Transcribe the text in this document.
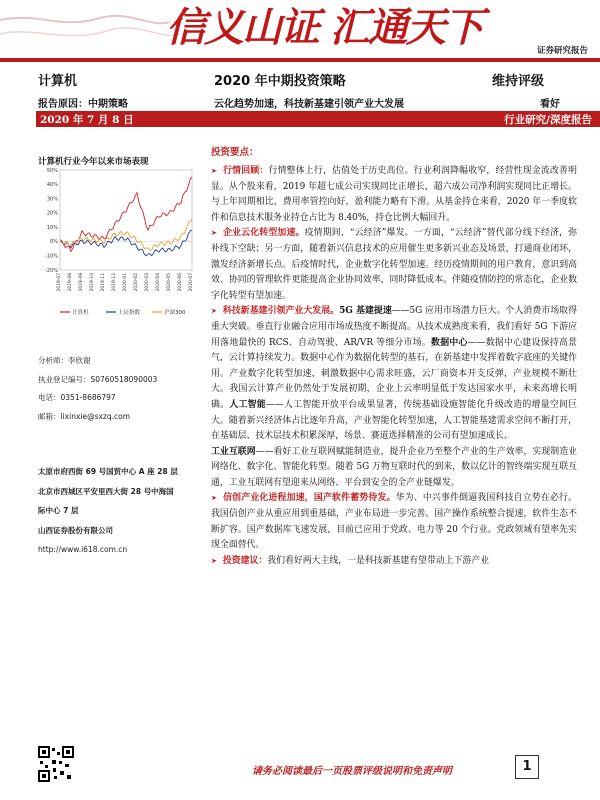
信义山证 汇通天下	证券研究报告
计算机	2020 年中期投资策略	维持评级
报告原因：中期策略	云化趋势加速，科技新基建引领产业大发展	看好
2020 年 7 月 8 日	行业研究/深度报告
计算机行业今年以来市场表现
50%
40%
30%
20%
10%
0%
-10%
-20%
2019-07 2019-08 2019-09 2019-10 2019-11 2019-12 2020-01 2020-02 2020-03 2020-04 2020-05 2020-06 2020-07
计算机	上证指数	沪深300
分析师：李欣谢
执业登记编号：S0760518090003
电话：0351-8686797
邮箱：lixinxie@sxzq.com
太原市府西街 69 号国贸中心 A 座 28 层
北京市西城区平安里西大街 28 号中海国
际中心 7 层
山西证券股份有限公司
http://www.i618.com.cn
投资要点：

➤ 行情回顾：行情整体上行，估值处于历史高位。行业利润降幅收窄，经营性现金流改善明显。从个股来看，2019 年超七成公司实现同比正增长，超六成公司净利润实现同比正增长。与上年同期相比，费用率管控向好，盈利能力略有下滑。从基金持仓来看，2020 年一季度软件和信息技术服务业持仓占比为 8.40%，持仓比例大幅回升。

➤ 企业云化转型加速。疫情期间，“云经济”爆发。一方面，“云经济”替代部分线下经济，弥补线下空缺；另一方面，随着新兴信息技术的应用催生更多新兴业态及场景，打通商业闭环，激发经济新增长点。后疫情时代，企业数字化转型加速。经历疫情期间的用户教育，意识到高效、协同的管理软件更能提高企业协同效率，同时降低成本。伴随疫情防控的常态化，企业数字化转型有望加速。

➤ 科技新基建引领产业大发展。5G 基建提速——5G 应用市场潜力巨大。个人消费市场取得重大突破。垂直行业融合应用市场成热度不断提高。从技术成熟度来看，我们看好 5G 下游应用落地最快的 RCS、自动驾驶、AR/VR 等细分市场。数据中心——数据中心建设保持高景气，云计算持续发力。数据中心作为数据化转型的基石，在新基建中发挥着数字底座的关键作用。产业数字化转型加速，刺激数据中心需求旺盛，云厂商资本开支反弹，产业规模不断壮大。我国云计算产业仍然处于发展初期，企业上云率明显低于发达国家水平，未来高增长明确。人工智能——人工智能开放平台成果显著，传统基础设施智能化升级改造的增量空间巨大。随着新兴经济体占比逐年升高，产业智能化转型加速，人工智能基建需求空间不断打开，在基础层、技术层技术积累深厚，场景、赛道选择精准的公司有望加速成长。

工业互联网——看好工业互联网赋能制造业，提升企业乃至整个产业的生产效率，实现制造业网络化、数字化、智能化转型。随着 5G 万物互联时代的到来，数以亿计的智终端实现互联互通，工业互联网有望迎来从网络、平台到安全的全产业链爆发。

➤ 信创产业化进程加速，国产软件蓄势待发。华为、中兴事件倒逼我国科技自立势在必行。我国信创产业从重应用到重基础，产业布局进一步完善。国产操作系统整合提速，软件生态不断扩容。国产数据库飞速发展，目前已应用于党政、电力等 20 个行业。党政领域有望率先实现全面替代。

➤ 投资建议：我们看好两大主线，一是科技新基建有望带动上下游产业

请务必阅读最后一页股票评级说明和免责声明	1
